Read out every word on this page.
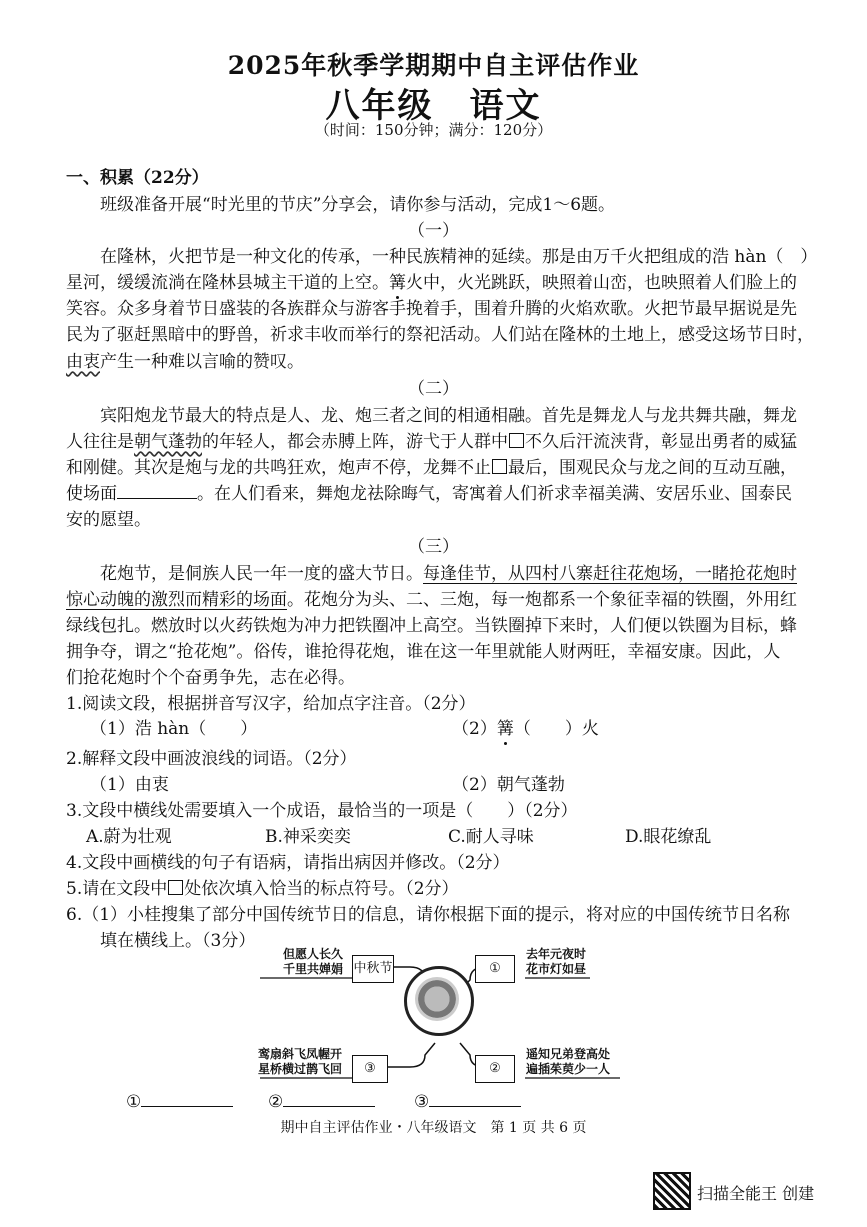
2025年秋季学期期中自主评估作业
八年级　语文
（时间：150分钟；满分：120分）
一、积累（22分）
班级准备开展“时光里的节庆”分享会，请你参与活动，完成1～6题。
（一）
在隆林，火把节是一种文化的传承，一种民族精神的延续。那是由万千火把组成的浩 hàn（　）
星河，缓缓流淌在隆林县城主干道的上空。篝火中，火光跳跃，映照着山峦，也映照着人们脸上的
笑容。众多身着节日盛装的各族群众与游客手挽着手，围着升腾的火焰欢歌。火把节最早据说是先
民为了驱赶黑暗中的野兽，祈求丰收而举行的祭祀活动。人们站在隆林的土地上，感受这场节日时，
由衷产生一种难以言喻的赞叹。
（二）
宾阳炮龙节最大的特点是人、龙、炮三者之间的相通相融。首先是舞龙人与龙共舞共融，舞龙
人往往是朝气蓬勃的年轻人，都会赤膊上阵，游弋于人群中 不久后汗流浃背，彰显出勇者的威猛
和刚健。其次是炮与龙的共鸣狂欢，炮声不停，龙舞不止 最后，围观民众与龙之间的互动互融，
使场面	。在人们看来，舞炮龙祛除晦气，寄寓着人们祈求幸福美满、安居乐业、国泰民
安的愿望。
（三）
花炮节，是侗族人民一年一度的盛大节日。每逢佳节，从四村八寨赶往花炮场，一睹抢花炮时
惊心动魄的激烈而精彩的场面。花炮分为头、二、三炮，每一炮都系一个象征幸福的铁圈，外用红
绿线包扎。燃放时以火药铁炮为冲力把铁圈冲上高空。当铁圈掉下来时，人们便以铁圈为目标，蜂
拥争夺，谓之“抢花炮”。俗传，谁抢得花炮，谁在这一年里就能人财两旺，幸福安康。因此，人
们抢花炮时个个奋勇争先，志在必得。
1.阅读文段，根据拼音写汉字，给加点字注音。（2分）
（1）浩 hàn（　　）	（2）篝（　　）火
2.解释文段中画波浪线的词语。（2分）
（1）由衷	（2）朝气蓬勃
3.文段中横线处需要填入一个成语，最恰当的一项是（　　）（2分）
A.蔚为壮观	B.神采奕奕	C.耐人寻味	D.眼花缭乱
4.文段中画横线的句子有语病，请指出病因并修改。（2分）
5.请在文段中 处依次填入恰当的标点符号。（2分）
6.（1）小桂搜集了部分中国传统节日的信息，请你根据下面的提示，将对应的中国传统节日名称
填在横线上。（3分）
但愿人长久
千里共婵娟 中秋节	①
去年元夜时
花市灯如昼
鸾扇斜飞凤幄开
星桥横过鹊飞回	③	②
遥知兄弟登高处
遍插茱萸少一人
①	②	③
期中自主评估作业・八年级语文　第 1 页 共 6 页
扫描全能王 创建
